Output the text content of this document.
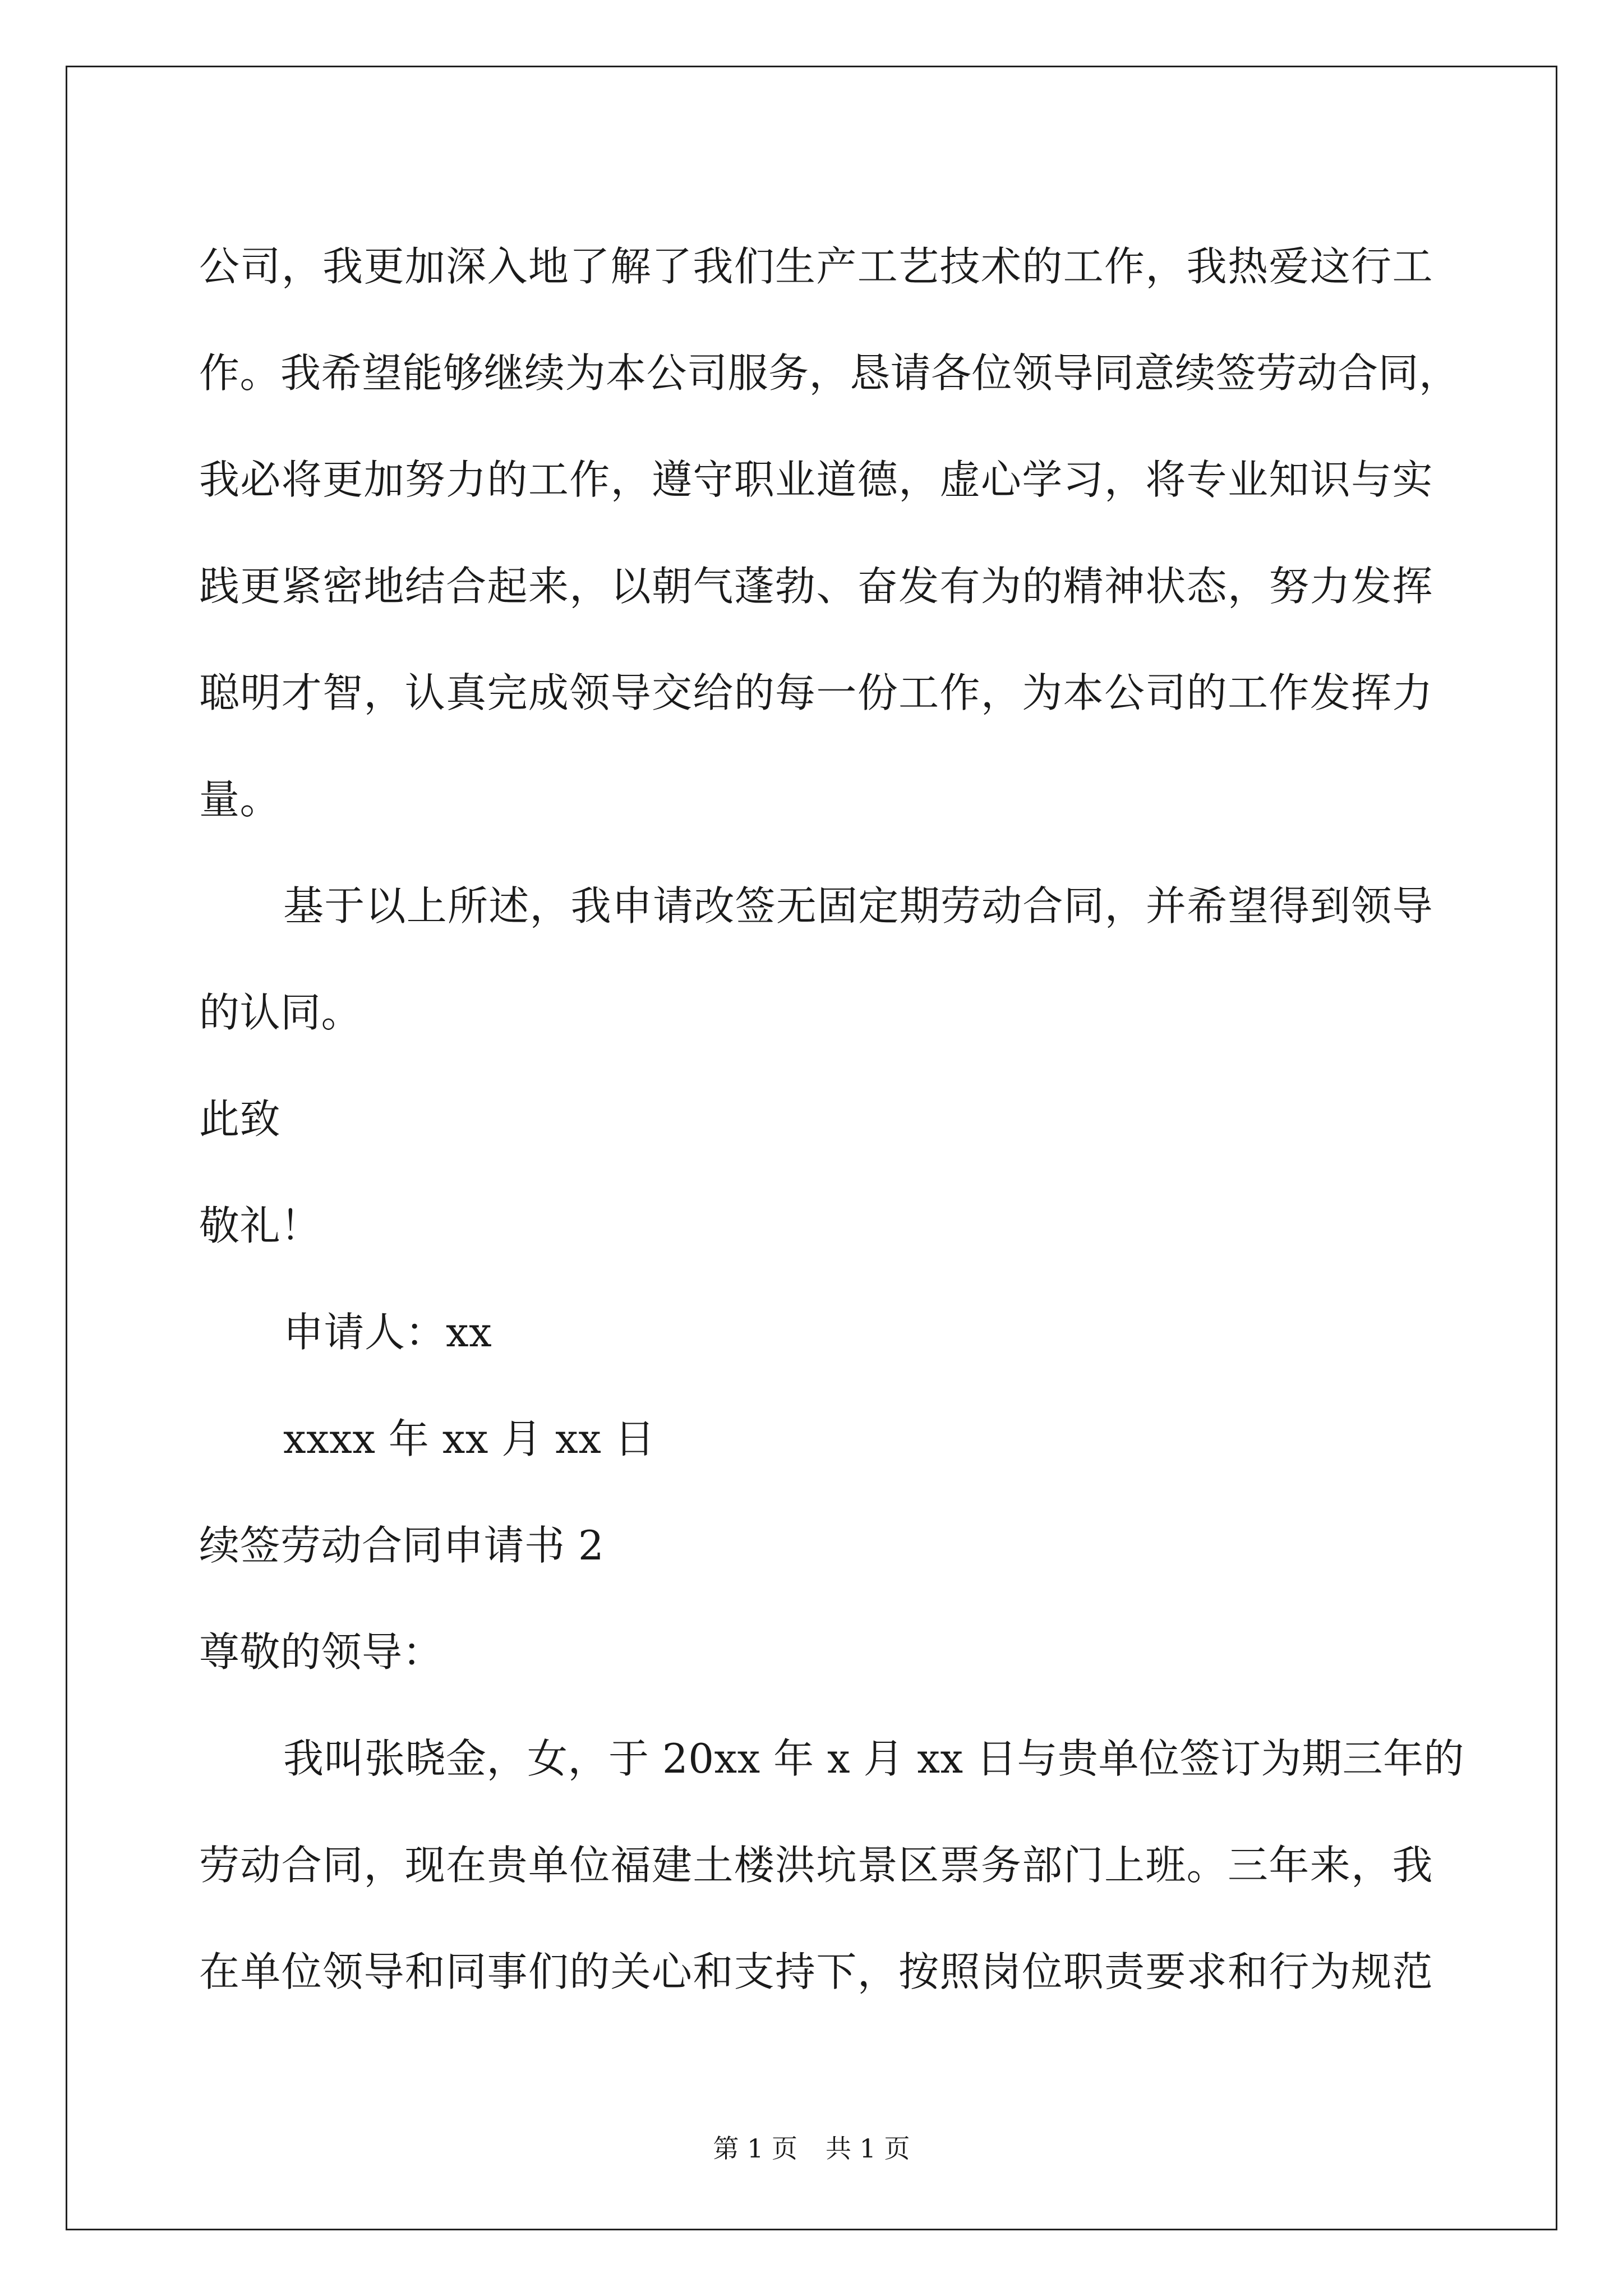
公司，我更加深入地了解了我们生产工艺技术的工作，我热爱这行工
作。我希望能够继续为本公司服务，恳请各位领导同意续签劳动合同，
我必将更加努力的工作，遵守职业道德，虚心学习，将专业知识与实
践更紧密地结合起来，以朝气蓬勃、奋发有为的精神状态，努力发挥
聪明才智，认真完成领导交给的每一份工作，为本公司的工作发挥力
量。
基于以上所述，我申请改签无固定期劳动合同，并希望得到领导
的认同。
此致
敬礼！
申请人：xx
xxxx 年 xx 月 xx 日
续签劳动合同申请书 2
尊敬的领导：
我叫张晓金，女，于 20xx 年 x 月 xx 日与贵单位签订为期三年的
劳动合同，现在贵单位福建土楼洪坑景区票务部门上班。三年来，我
在单位领导和同事们的关心和支持下，按照岗位职责要求和行为规范
第 1 页 共 1 页
